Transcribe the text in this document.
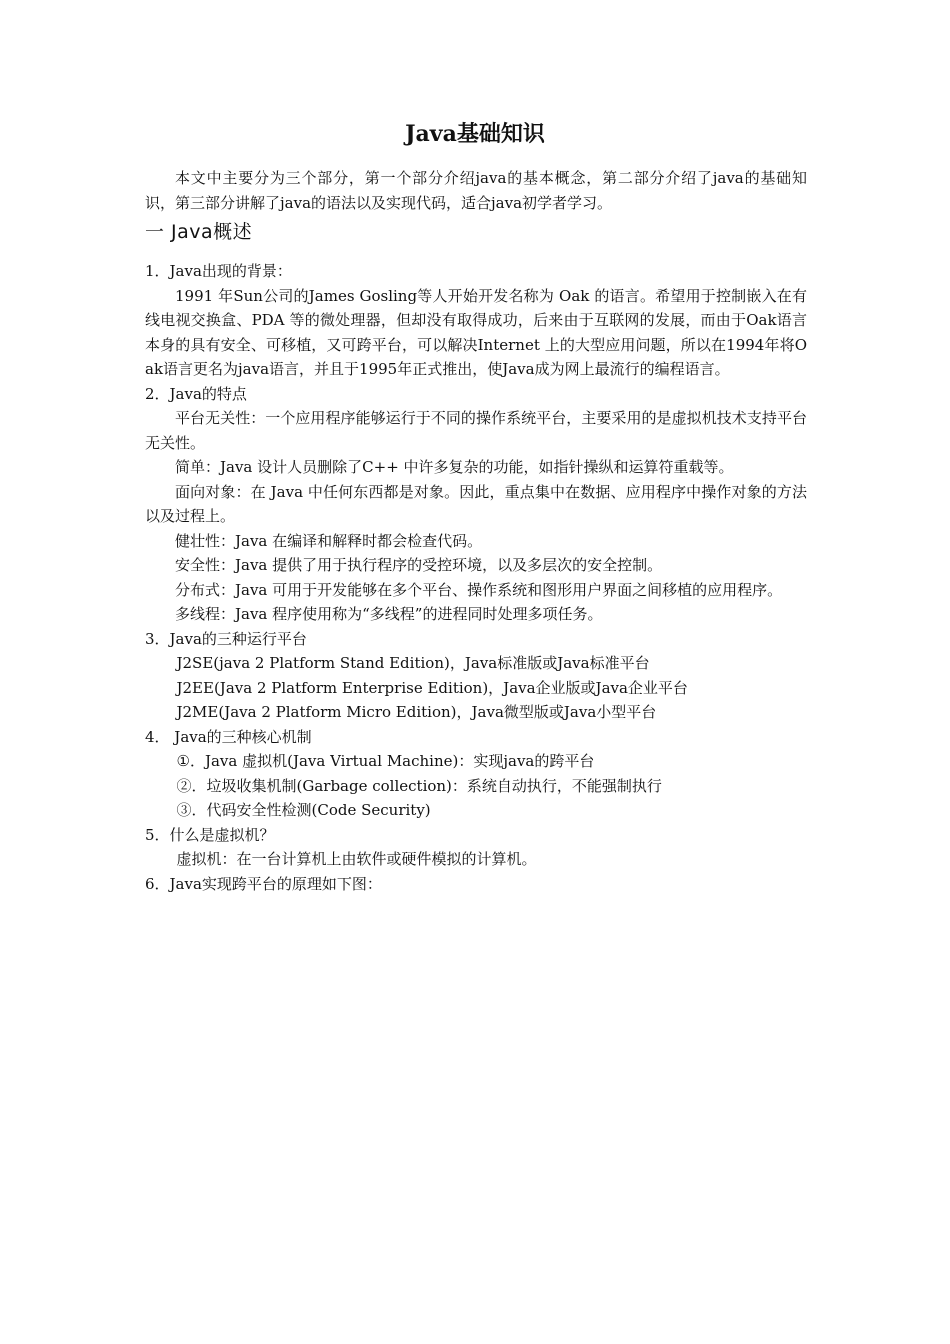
Java基础知识

本文中主要分为三个部分，第一个部分介绍java的基本概念，第二部分介绍了java的基础知识，第三部分讲解了java的语法以及实现代码，适合java初学者学习。

一 Java概述

1．Java出现的背景：

1991 年Sun公司的James Gosling等人开始开发名称为 Oak 的语言。希望用于控制嵌入在有线电视交换盒、PDA 等的微处理器，但却没有取得成功，后来由于互联网的发展，而由于Oak语言本身的具有安全、可移植，又可跨平台，可以解决Internet 上的大型应用问题，所以在1994年将Oak语言更名为java语言，并且于1995年正式推出，使Java成为网上最流行的编程语言。

2．Java的特点

平台无关性：一个应用程序能够运行于不同的操作系统平台，主要采用的是虚拟机技术支持平台无关性。

简单：Java 设计人员删除了C++ 中许多复杂的功能，如指针操纵和运算符重载等。

面向对象：在 Java 中任何东西都是对象。因此，重点集中在数据、应用程序中操作对象的方法以及过程上。

健壮性：Java 在编译和解释时都会检查代码。

安全性：Java 提供了用于执行程序的受控环境，以及多层次的安全控制。

分布式：Java 可用于开发能够在多个平台、操作系统和图形用户界面之间移植的应用程序。

多线程：Java 程序使用称为“多线程”的进程同时处理多项任务。

3．Java的三种运行平台

J2SE(java 2 Platform Stand Edition)，Java标准版或Java标准平台

J2EE(Java 2 Platform Enterprise Edition)，Java企业版或Java企业平台

J2ME(Java 2 Platform Micro Edition)，Java微型版或Java小型平台

4． Java的三种核心机制

①．Java 虚拟机(Java Virtual Machine)：实现java的跨平台

②．垃圾收集机制(Garbage collection)：系统自动执行，不能强制执行

③．代码安全性检测(Code Security)

5．什么是虚拟机？

虚拟机：在一台计算机上由软件或硬件模拟的计算机。

6．Java实现跨平台的原理如下图：
